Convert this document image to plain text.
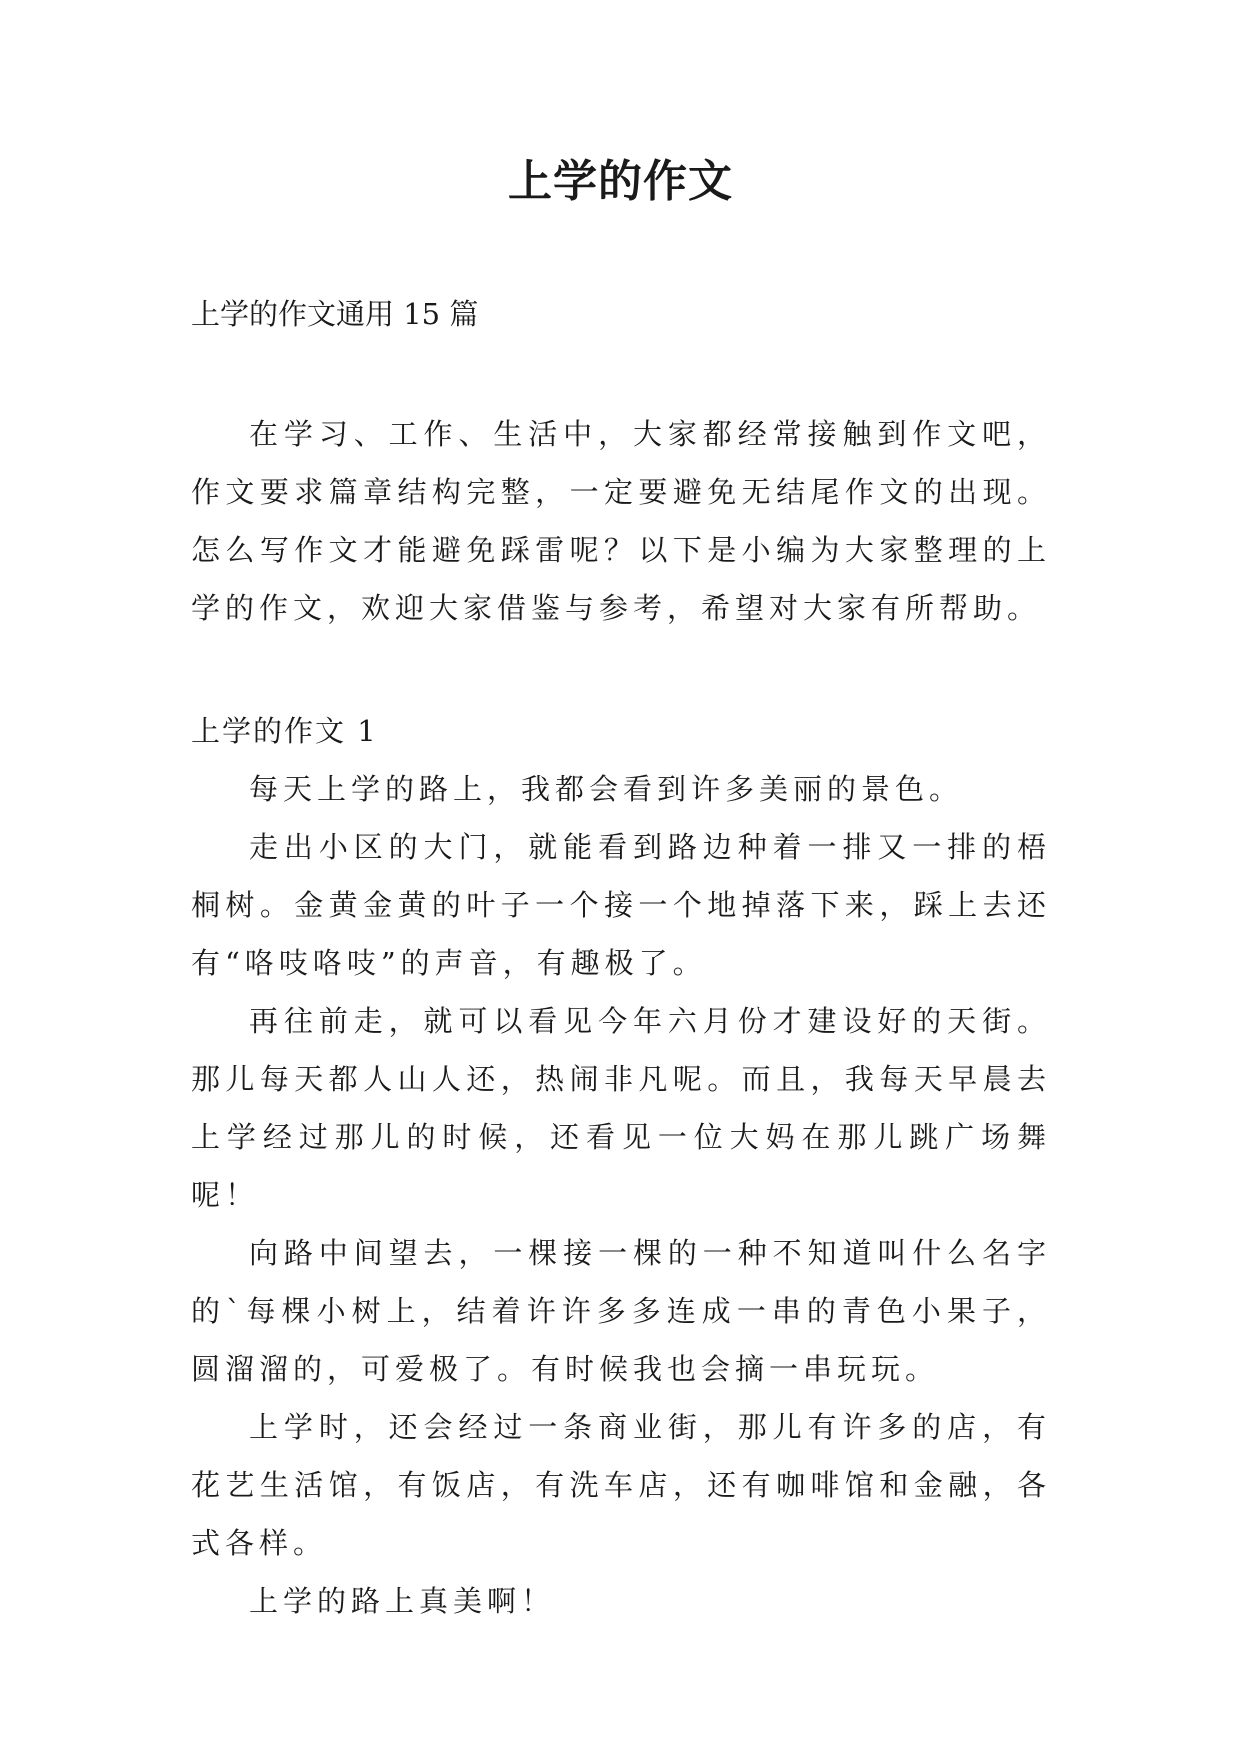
上学的作文

上学的作文通用 15 篇

在学习、工作、生活中，大家都经常接触到作文吧，作文要求篇章结构完整，一定要避免无结尾作文的出现。怎么写作文才能避免踩雷呢？以下是小编为大家整理的上学的作文，欢迎大家借鉴与参考，希望对大家有所帮助。

上学的作文 1

每天上学的路上，我都会看到许多美丽的景色。

走出小区的大门，就能看到路边种着一排又一排的梧桐树。金黄金黄的叶子一个接一个地掉落下来，踩上去还有“咯吱咯吱”的声音，有趣极了。

再往前走，就可以看见今年六月份才建设好的天街。那儿每天都人山人还，热闹非凡呢。而且，我每天早晨去上学经过那儿的时候，还看见一位大妈在那儿跳广场舞呢！

向路中间望去，一棵接一棵的一种不知道叫什么名字的`每棵小树上，结着许许多多连成一串的青色小果子，圆溜溜的，可爱极了。有时候我也会摘一串玩玩。

上学时，还会经过一条商业街，那儿有许多的店，有花艺生活馆，有饭店，有洗车店，还有咖啡馆和金融，各式各样。

上学的路上真美啊！
